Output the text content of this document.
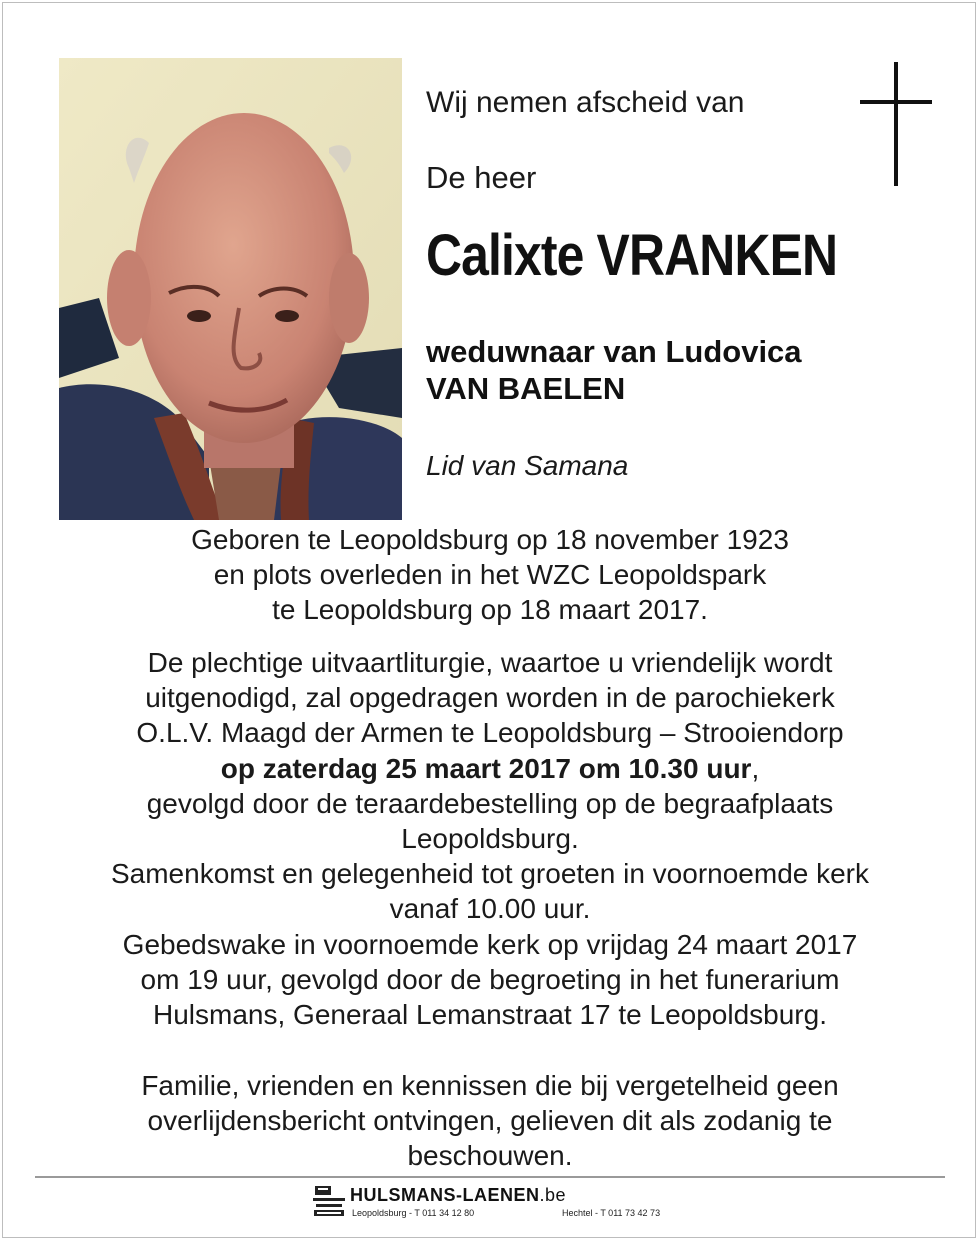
Wij nemen afscheid van
De heer
Calixte VRANKEN
weduwnaar van Ludovica
VAN BAELEN
Lid van Samana
Geboren te Leopoldsburg op 18 november 1923
en plots overleden in het WZC Leopoldspark
te Leopoldsburg op 18 maart 2017.
De plechtige uitvaartliturgie, waartoe u vriendelijk wordt
uitgenodigd, zal opgedragen worden in de parochiekerk
O.L.V. Maagd der Armen te Leopoldsburg – Strooiendorp
op zaterdag 25 maart 2017 om 10.30 uur,
gevolgd door de teraardebestelling op de begraafplaats
Leopoldsburg.
Samenkomst en gelegenheid tot groeten in voornoemde kerk
vanaf 10.00 uur.
Gebedswake in voornoemde kerk op vrijdag 24 maart 2017
om 19 uur, gevolgd door de begroeting in het funerarium
Hulsmans, Generaal Lemanstraat 17 te Leopoldsburg.
Familie, vrienden en kennissen die bij vergetelheid geen
overlijdensbericht ontvingen, gelieven dit als zodanig te
beschouwen.
HULSMANS-LAENEN.be
Leopoldsburg - T 011 34 12 80	Hechtel - T 011 73 42 73
